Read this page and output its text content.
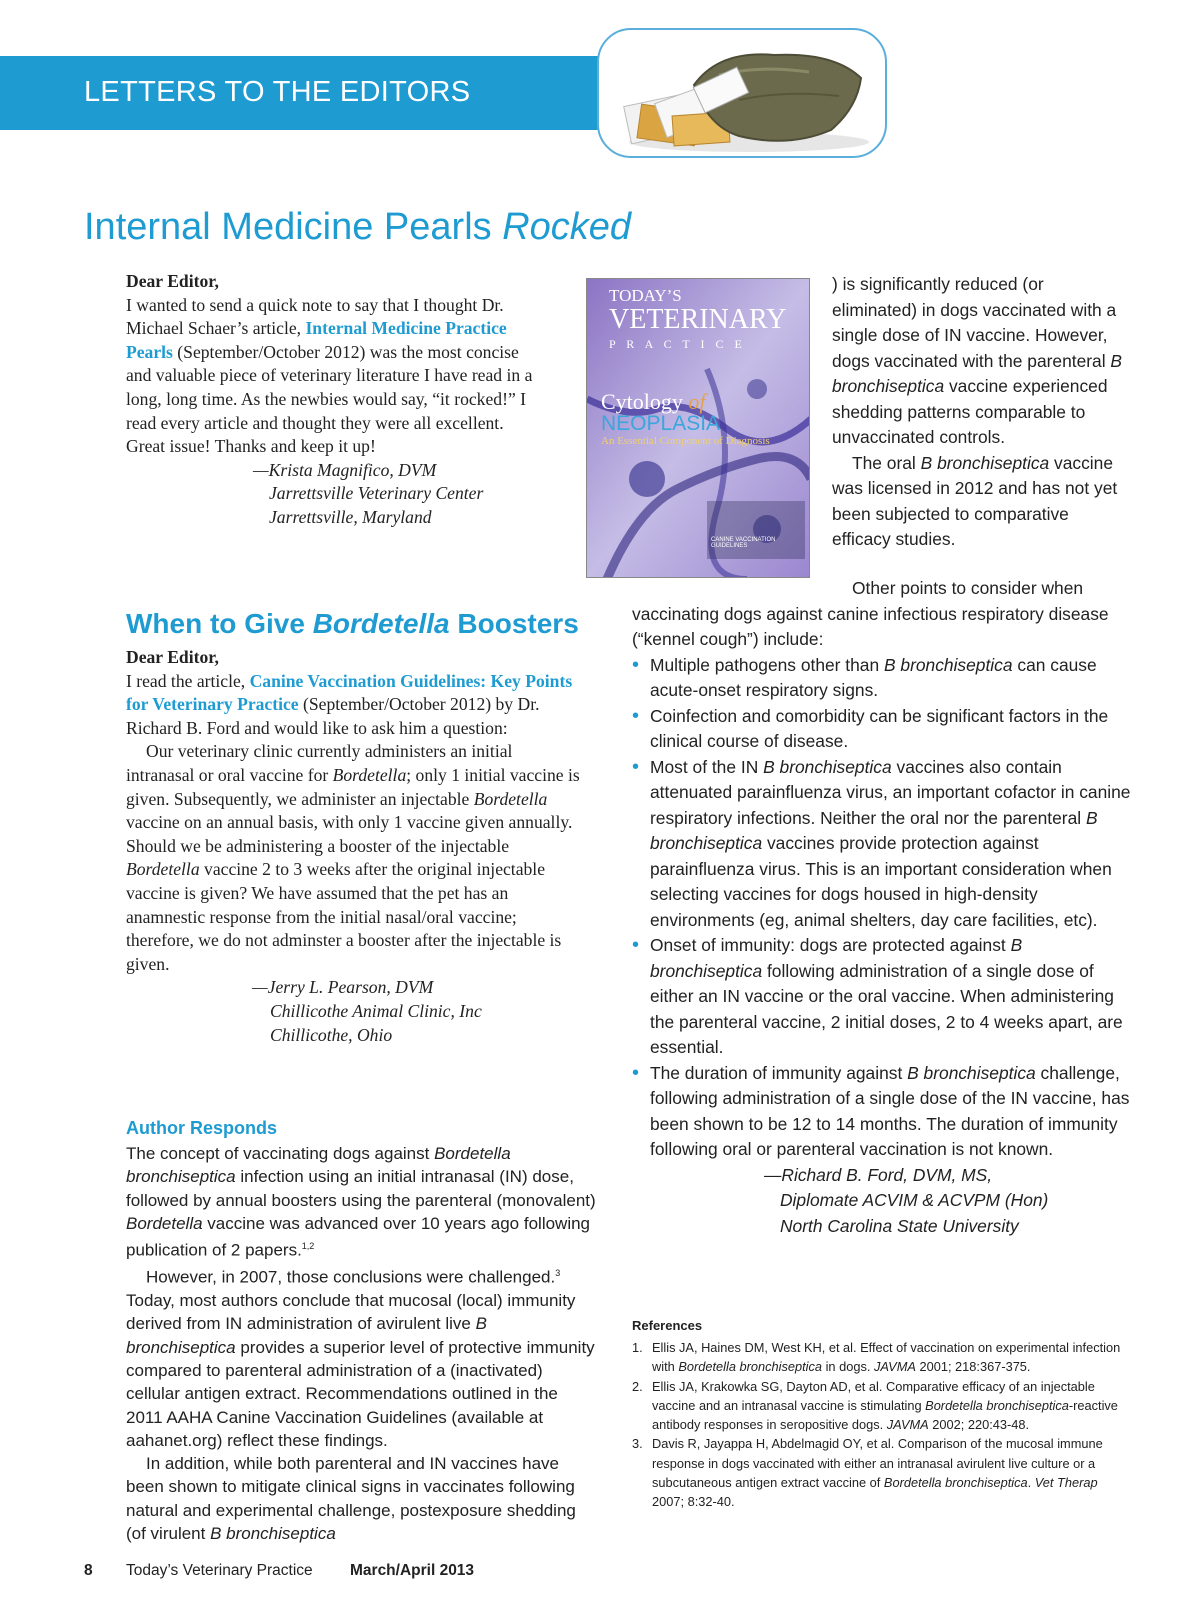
LETTERS TO THE EDITORS
Internal Medicine Pearls Rocked

Dear Editor,

I wanted to send a quick note to say that I thought Dr. Michael Schaer’s article, Internal Medicine Practice Pearls (September/October 2012) was the most concise and valuable piece of veterinary literature I have read in a long, long time. As the newbies would say, “it rocked!” I read every article and thought they were all excellent. Great issue! Thanks and keep it up!

—Krista Magnifico, DVM
Jarrettsville Veterinary Center
Jarrettsville, Maryland
When to Give Bordetella Boosters

Dear Editor,

I read the article, Canine Vaccination Guidelines: Key Points for Veterinary Practice (September/October 2012) by Dr. Richard B. Ford and would like to ask him a question:

Our veterinary clinic currently administers an initial intranasal or oral vaccine for Bordetella; only 1 initial vaccine is given. Subsequently, we administer an injectable Bordetella vaccine on an annual basis, with only 1 vaccine given annually.

Should we be administering a booster of the injectable Bordetella vaccine 2 to 3 weeks after the original injectable vaccine is given? We have assumed that the pet has an anamnestic response from the initial nasal/oral vaccine; therefore, we do not adminster a booster after the injectable is given.

—Jerry L. Pearson, DVM
Chillicothe Animal Clinic, Inc
Chillicothe, Ohio
Author Responds

The concept of vaccinating dogs against Bordetella bronchiseptica infection using an initial intranasal (IN) dose, followed by annual boosters using the parenteral (monovalent) Bordetella vaccine was advanced over 10 years ago following publication of 2 papers.$^{1,2}$

However, in 2007, those conclusions were challenged.$^3$ Today, most authors conclude that mucosal (local) immunity derived from IN administration of avirulent live B bronchiseptica provides a superior level of protective immunity compared to parenteral administration of a (inactivated) cellular antigen extract. Recommendations outlined in the 2011 AAHA Canine Vaccination Guidelines (available at aahanet.org) reflect these findings.

In addition, while both parenteral and IN vaccines have been shown to mitigate clinical signs in vaccinates following natural and experimental challenge, postexposure shedding (of virulent B bronchiseptica

TODAY’S
VETERINARY
P R A C T I C E
Cytology of
NEOPLASIA
An Essential Component of Diagnosis
CANINE VACCINATION GUIDELINES

) is significantly reduced (or eliminated) in dogs vaccinated with a single dose of IN vaccine. However, dogs vaccinated with the parenteral B bronchiseptica vaccine experienced shedding patterns comparable to unvaccinated controls.

The oral B bronchiseptica vaccine was licensed in 2012 and has not yet been subjected to comparative efficacy studies.

Other points to consider when vaccinating dogs against canine infectious respiratory disease (“kennel cough”) include:

• Multiple pathogens other than B bronchiseptica can cause acute-onset respiratory signs.
• Coinfection and comorbidity can be significant factors in the clinical course of disease.
• Most of the IN B bronchiseptica vaccines also contain attenuated parainfluenza virus, an important cofactor in canine respiratory infections. Neither the oral nor the parenteral B bronchiseptica vaccines provide protection against parainfluenza virus. This is an important consideration when selecting vaccines for dogs housed in high-density environments (eg, animal shelters, day care facilities, etc).
• Onset of immunity: dogs are protected against B bronchiseptica following administration of a single dose of either an IN vaccine or the oral vaccine. When administering the parenteral vaccine, 2 initial doses, 2 to 4 weeks apart, are essential.
• The duration of immunity against B bronchiseptica challenge, following administration of a single dose of the IN vaccine, has been shown to be 12 to 14 months. The duration of immunity following oral or parenteral vaccination is not known.
—Richard B. Ford, DVM, MS,
Diplomate ACVIM & ACVPM (Hon)
North Carolina State University
References
1. Ellis JA, Haines DM, West KH, et al. Effect of vaccination on experimental infection with Bordetella bronchiseptica in dogs. JAVMA 2001; 218:367-375.
2. Ellis JA, Krakowka SG, Dayton AD, et al. Comparative efficacy of an injectable vaccine and an intranasal vaccine is stimulating Bordetella bronchiseptica-reactive antibody responses in seropositive dogs. JAVMA 2002; 220:43-48.
3. Davis R, Jayappa H, Abdelmagid OY, et al. Comparison of the mucosal immune response in dogs vaccinated with either an intranasal avirulent live culture or a subcutaneous antigen extract vaccine of Bordetella bronchiseptica. Vet Therap 2007; 8:32-40.
8 Today’s Veterinary Practice March/April 2013
